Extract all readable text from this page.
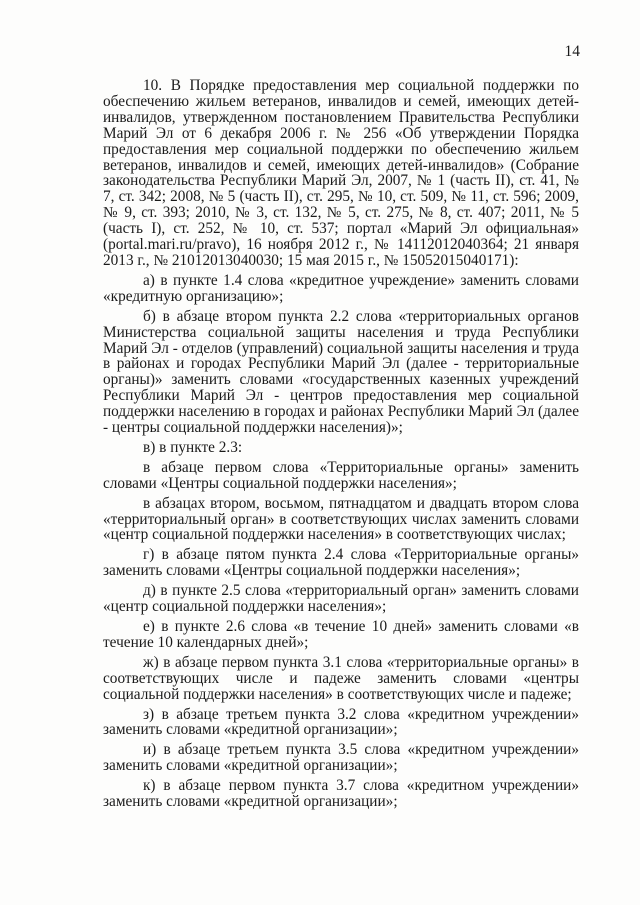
14

10. В Порядке предоставления мер социальной поддержки по обеспечению жильем ветеранов, инвалидов и семей, имеющих детей-инвалидов, утвержденном постановлением Правительства Республики Марий Эл от 6 декабря 2006 г. № 256 «Об утверждении Порядка предоставления мер социальной поддержки по обеспечению жильем ветеранов, инвалидов и семей, имеющих детей-инвалидов» (Собрание законодательства Республики Марий Эл, 2007, № 1 (часть II), ст. 41, № 7, ст. 342; 2008, № 5 (часть II), ст. 295, № 10, ст. 509, № 11, ст. 596; 2009, № 9, ст. 393; 2010, № 3, ст. 132, № 5, ст. 275, № 8, ст. 407; 2011, № 5 (часть I), ст. 252, № 10, ст. 537; портал «Марий Эл официальная» (portal.mari.ru/pravo), 16 ноября 2012 г., № 14112012040364; 21 января 2013 г., № 21012013040030; 15 мая 2015 г., № 15052015040171):

а) в пункте 1.4 слова «кредитное учреждение» заменить словами «кредитную организацию»;

б) в абзаце втором пункта 2.2 слова «территориальных органов Министерства социальной защиты населения и труда Республики Марий Эл - отделов (управлений) социальной защиты населения и труда в районах и городах Республики Марий Эл (далее - территориальные органы)» заменить словами «государственных казенных учреждений Республики Марий Эл - центров предоставления мер социальной поддержки населению в городах и районах Республики Марий Эл (далее - центры социальной поддержки населения)»;

в) в пункте 2.3:

в абзаце первом слова «Территориальные органы» заменить словами «Центры социальной поддержки населения»;

в абзацах втором, восьмом, пятнадцатом и двадцать втором слова «территориальный орган» в соответствующих числах заменить словами «центр социальной поддержки населения» в соответствующих числах;

г) в абзаце пятом пункта 2.4 слова «Территориальные органы» заменить словами «Центры социальной поддержки населения»;

д) в пункте 2.5 слова «территориальный орган» заменить словами «центр социальной поддержки населения»;

е) в пункте 2.6 слова «в течение 10 дней» заменить словами «в течение 10 календарных дней»;

ж) в абзаце первом пункта 3.1 слова «территориальные органы» в соответствующих числе и падеже заменить словами «центры социальной поддержки населения» в соответствующих числе и падеже;

з) в абзаце третьем пункта 3.2 слова «кредитном учреждении» заменить словами «кредитной организации»;

и) в абзаце третьем пункта 3.5 слова «кредитном учреждении» заменить словами «кредитной организации»;

к) в абзаце первом пункта 3.7 слова «кредитном учреждении» заменить словами «кредитной организации»;
